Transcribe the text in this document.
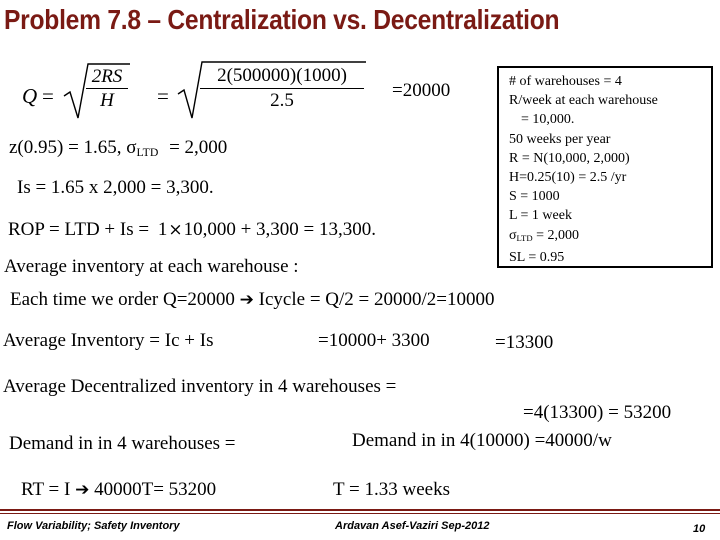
Problem 7.8 – Centralization vs. Decentralization
Q =
2RS
H	=
2(500000)(1000)
2.5	=20000
z(0.95) = 1.65, $\sigma_{LTD} = 2,000$
Is = 1.65 x 2,000 = 3,300.
ROP = LTD + Is = 1×10,000 + 3,300 = 13,300.
Average inventory at each warehouse :
Each time we order Q=20000 ➔ Icycle = Q/2 = 20000/2=10000
Average Inventory = Ic + Is	=10000+ 3300	=13300
Average Decentralized inventory in 4 warehouses =
=4(13300) = 53200
Demand in in 4 warehouses =	Demand in in 4(10000) =40000/w
RT = I ➔ 40000T= 53200	T = 1.33 weeks
# of warehouses = 4
R/week at each warehouse
= 10,000.
50 weeks per year
R = N(10,000, 2,000)
H=0.25(10) = 2.5 /yr
S = 1000
L = 1 week
$\sigma_{LTD} = 2,000$
SL = 0.95
Flow Variability; Safety Inventory	Ardavan Asef-Vaziri Sep-2012	10
